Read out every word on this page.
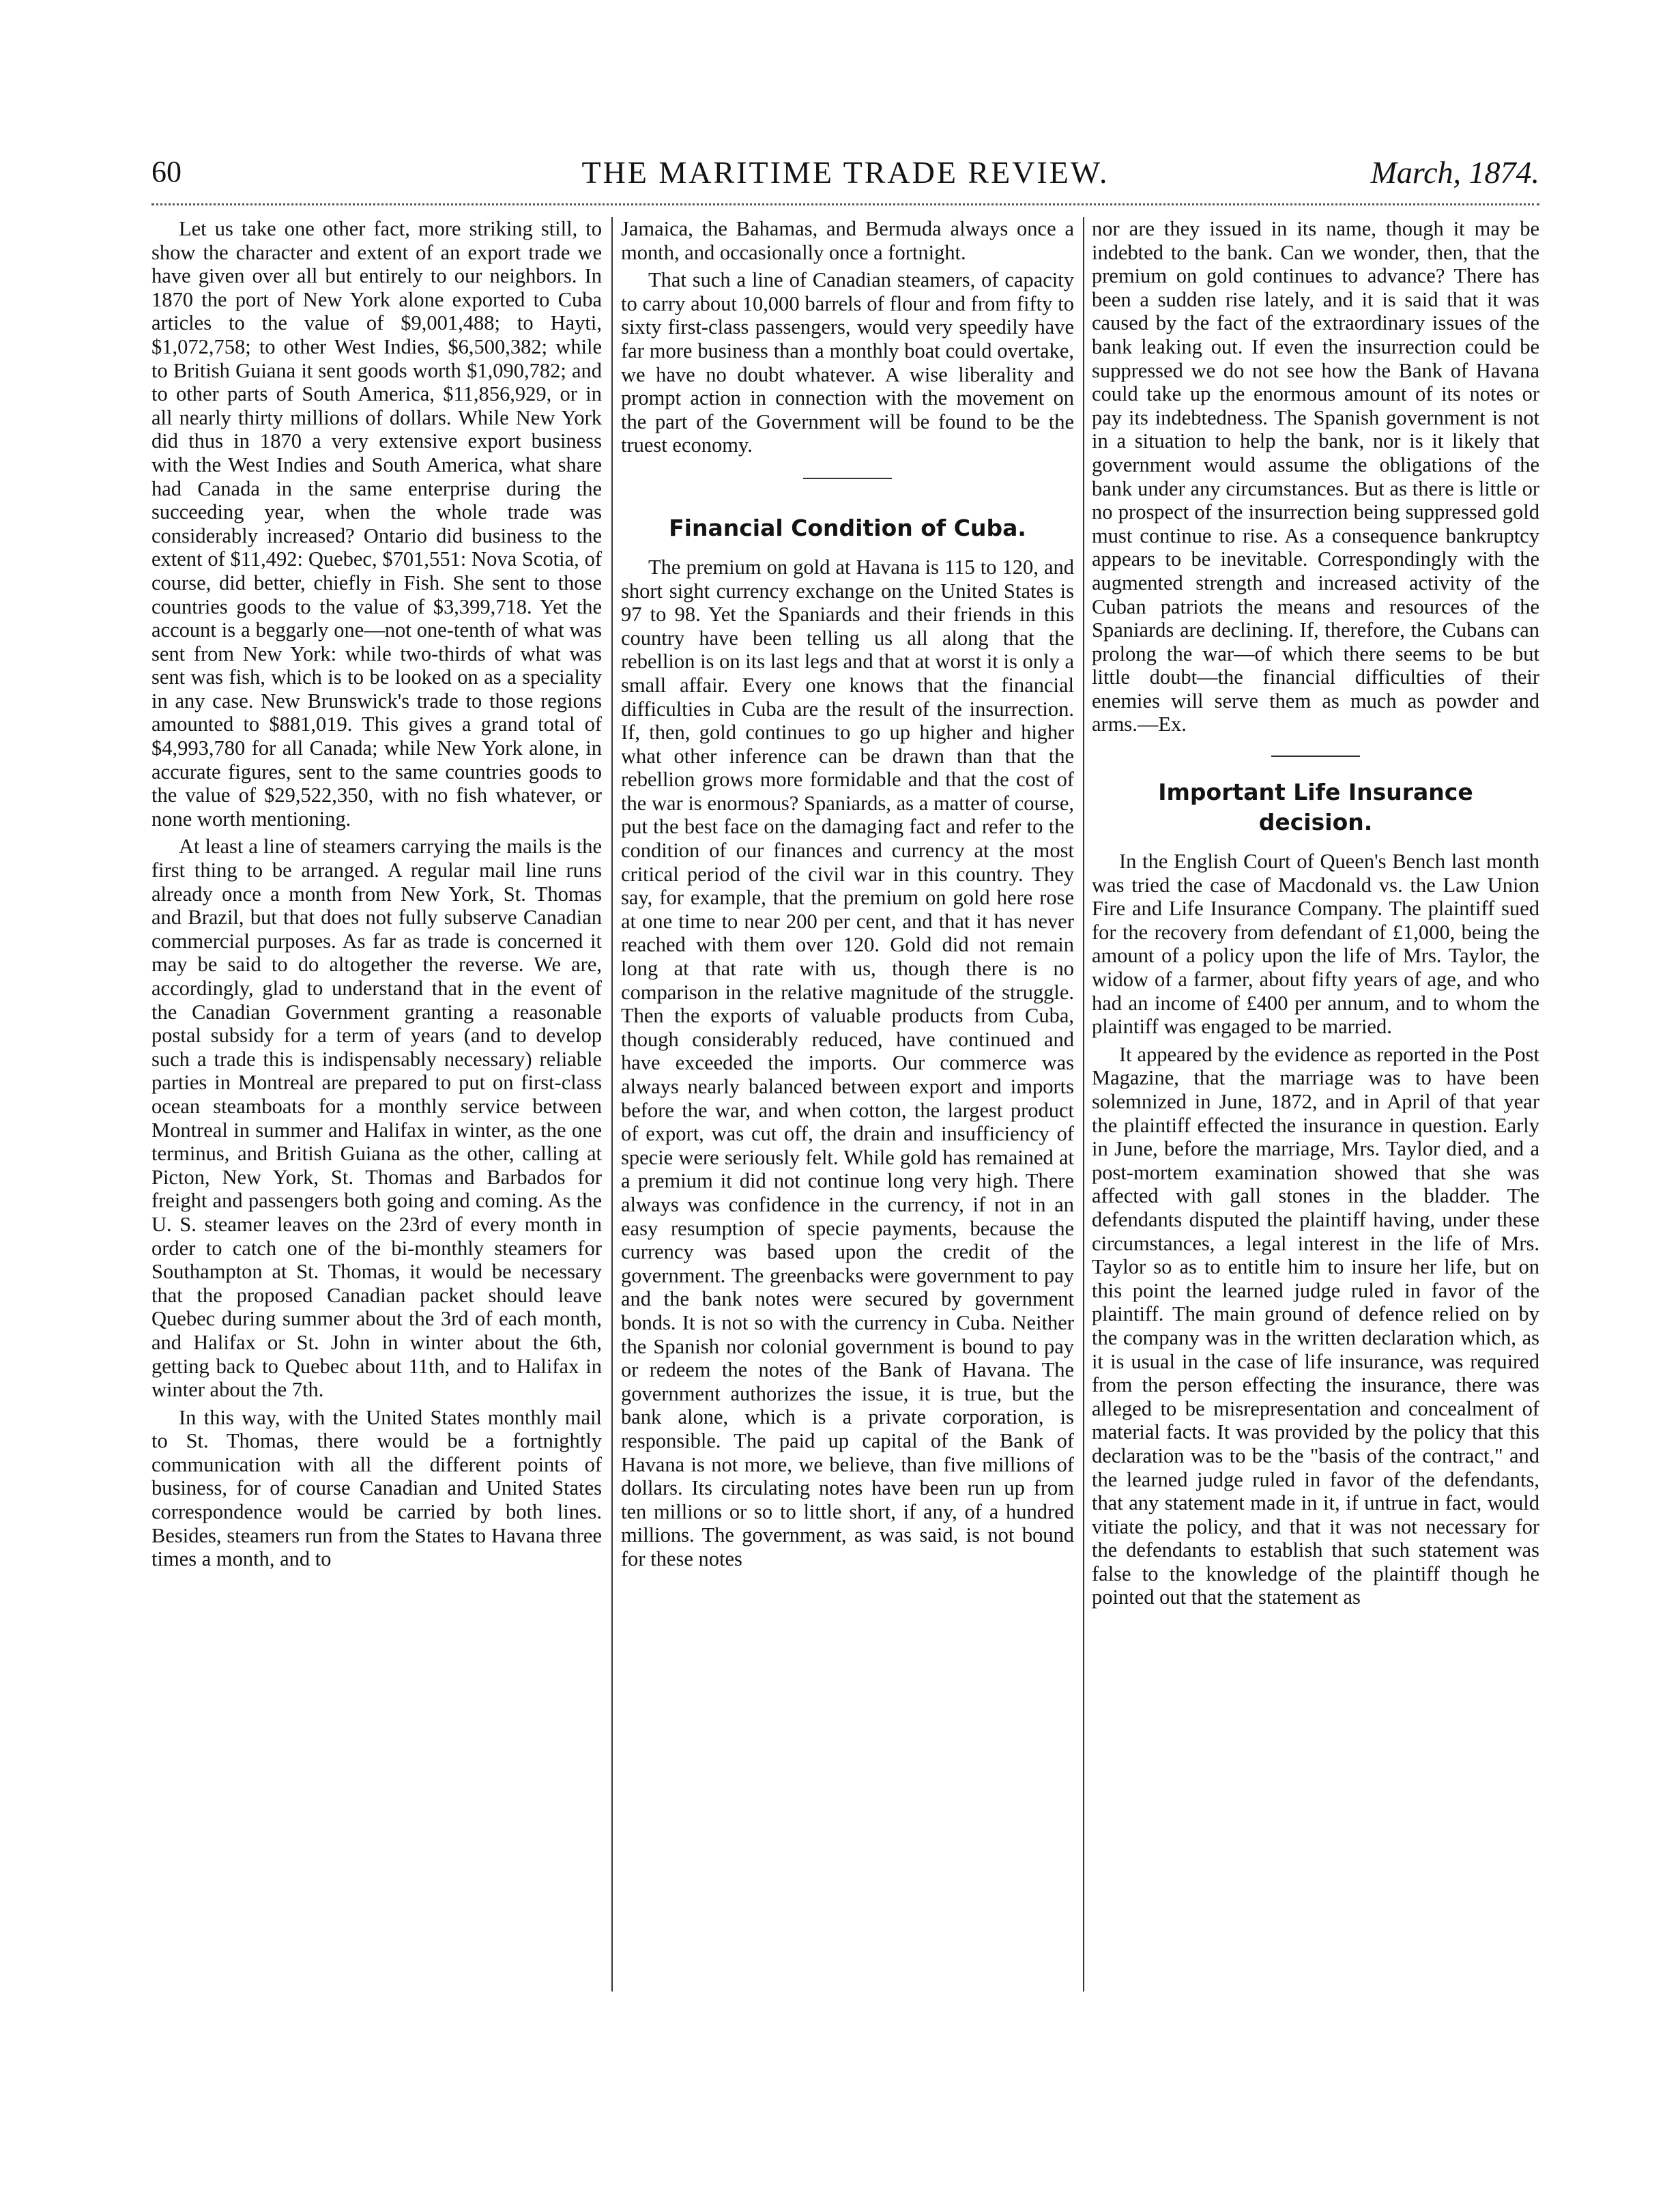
60	THE MARITIME TRADE REVIEW.	March, 1874.

Let us take one other fact, more striking still, to show the character and extent of an export trade we have given over all but entirely to our neighbors. In 1870 the port of New York alone exported to Cuba articles to the value of $9,001,488; to Hayti, $1,072,758; to other West Indies, $6,500,382; while to British Guiana it sent goods worth $1,090,782; and to other parts of South America, $11,856,929, or in all nearly thirty millions of dollars. While New York did thus in 1870 a very extensive export business with the West Indies and South America, what share had Canada in the same enterprise during the succeeding year, when the whole trade was considerably increased? Ontario did business to the extent of $11,492: Quebec, $701,551: Nova Scotia, of course, did better, chiefly in Fish. She sent to those countries goods to the value of $3,399,718. Yet the account is a beggarly one—not one-tenth of what was sent from New York: while two-thirds of what was sent was fish, which is to be looked on as a speciality in any case. New Brunswick's trade to those regions amounted to $881,019. This gives a grand total of $4,993,780 for all Canada; while New York alone, in accurate figures, sent to the same countries goods to the value of $29,522,350, with no fish whatever, or none worth mentioning.

At least a line of steamers carrying the mails is the first thing to be arranged. A regular mail line runs already once a month from New York, St. Thomas and Brazil, but that does not fully subserve Canadian commercial purposes. As far as trade is concerned it may be said to do altogether the reverse. We are, accordingly, glad to understand that in the event of the Canadian Government granting a reasonable postal subsidy for a term of years (and to develop such a trade this is indispensably necessary) reliable parties in Montreal are prepared to put on first-class ocean steamboats for a monthly service between Montreal in summer and Halifax in winter, as the one terminus, and British Guiana as the other, calling at Picton, New York, St. Thomas and Barbados for freight and passengers both going and coming. As the U. S. steamer leaves on the 23rd of every month in order to catch one of the bi-monthly steamers for Southampton at St. Thomas, it would be necessary that the proposed Canadian packet should leave Quebec during summer about the 3rd of each month, and Halifax or St. John in winter about the 6th, getting back to Quebec about 11th, and to Halifax in winter about the 7th.

In this way, with the United States monthly mail to St. Thomas, there would be a fortnightly communication with all the different points of business, for of course Canadian and United States correspondence would be carried by both lines. Besides, steamers run from the States to Havana three times a month, and to

Jamaica, the Bahamas, and Bermuda always once a month, and occasionally once a fortnight.

That such a line of Canadian steamers, of capacity to carry about 10,000 barrels of flour and from fifty to sixty first-class passengers, would very speedily have far more business than a monthly boat could overtake, we have no doubt whatever. A wise liberality and prompt action in connection with the movement on the part of the Government will be found to be the truest economy.

Financial Condition of Cuba.

The premium on gold at Havana is 115 to 120, and short sight currency exchange on the United States is 97 to 98. Yet the Spaniards and their friends in this country have been telling us all along that the rebellion is on its last legs and that at worst it is only a small affair. Every one knows that the financial difficulties in Cuba are the result of the insurrection. If, then, gold continues to go up higher and higher what other inference can be drawn than that the rebellion grows more formidable and that the cost of the war is enormous? Spaniards, as a matter of course, put the best face on the damaging fact and refer to the condition of our finances and currency at the most critical period of the civil war in this country. They say, for example, that the premium on gold here rose at one time to near 200 per cent, and that it has never reached with them over 120. Gold did not remain long at that rate with us, though there is no comparison in the relative magnitude of the struggle. Then the exports of valuable products from Cuba, though considerably reduced, have continued and have exceeded the imports. Our commerce was always nearly balanced between export and imports before the war, and when cotton, the largest product of export, was cut off, the drain and insufficiency of specie were seriously felt. While gold has remained at a premium it did not continue long very high. There always was confidence in the currency, if not in an easy resumption of specie payments, because the currency was based upon the credit of the government. The greenbacks were government to pay and the bank notes were secured by government bonds. It is not so with the currency in Cuba. Neither the Spanish nor colonial government is bound to pay or redeem the notes of the Bank of Havana. The government authorizes the issue, it is true, but the bank alone, which is a private corporation, is responsible. The paid up capital of the Bank of Havana is not more, we believe, than five millions of dollars. Its circulating notes have been run up from ten millions or so to little short, if any, of a hundred millions. The government, as was said, is not bound for these notes

nor are they issued in its name, though it may be indebted to the bank. Can we wonder, then, that the premium on gold continues to advance? There has been a sudden rise lately, and it is said that it was caused by the fact of the extraordinary issues of the bank leaking out. If even the insurrection could be suppressed we do not see how the Bank of Havana could take up the enormous amount of its notes or pay its indebtedness. The Spanish government is not in a situation to help the bank, nor is it likely that government would assume the obligations of the bank under any circumstances. But as there is little or no prospect of the insurrection being suppressed gold must continue to rise. As a consequence bankruptcy appears to be inevitable. Correspondingly with the augmented strength and increased activity of the Cuban patriots the means and resources of the Spaniards are declining. If, therefore, the Cubans can prolong the war—of which there seems to be but little doubt—the financial difficulties of their enemies will serve them as much as powder and arms.—Ex.

Important Life Insurance decision.

In the English Court of Queen's Bench last month was tried the case of Macdonald vs. the Law Union Fire and Life Insurance Company. The plaintiff sued for the recovery from defendant of £1,000, being the amount of a policy upon the life of Mrs. Taylor, the widow of a farmer, about fifty years of age, and who had an income of £400 per annum, and to whom the plaintiff was engaged to be married.

It appeared by the evidence as reported in the Post Magazine, that the marriage was to have been solemnized in June, 1872, and in April of that year the plaintiff effected the insurance in question. Early in June, before the marriage, Mrs. Taylor died, and a post-mortem examination showed that she was affected with gall stones in the bladder. The defendants disputed the plaintiff having, under these circumstances, a legal interest in the life of Mrs. Taylor so as to entitle him to insure her life, but on this point the learned judge ruled in favor of the plaintiff. The main ground of defence relied on by the company was in the written declaration which, as it is usual in the case of life insurance, was required from the person effecting the insurance, there was alleged to be misrepresentation and concealment of material facts. It was provided by the policy that this declaration was to be the "basis of the contract," and the learned judge ruled in favor of the defendants, that any statement made in it, if untrue in fact, would vitiate the policy, and that it was not necessary for the defendants to establish that such statement was false to the knowledge of the plaintiff though he pointed out that the statement as
